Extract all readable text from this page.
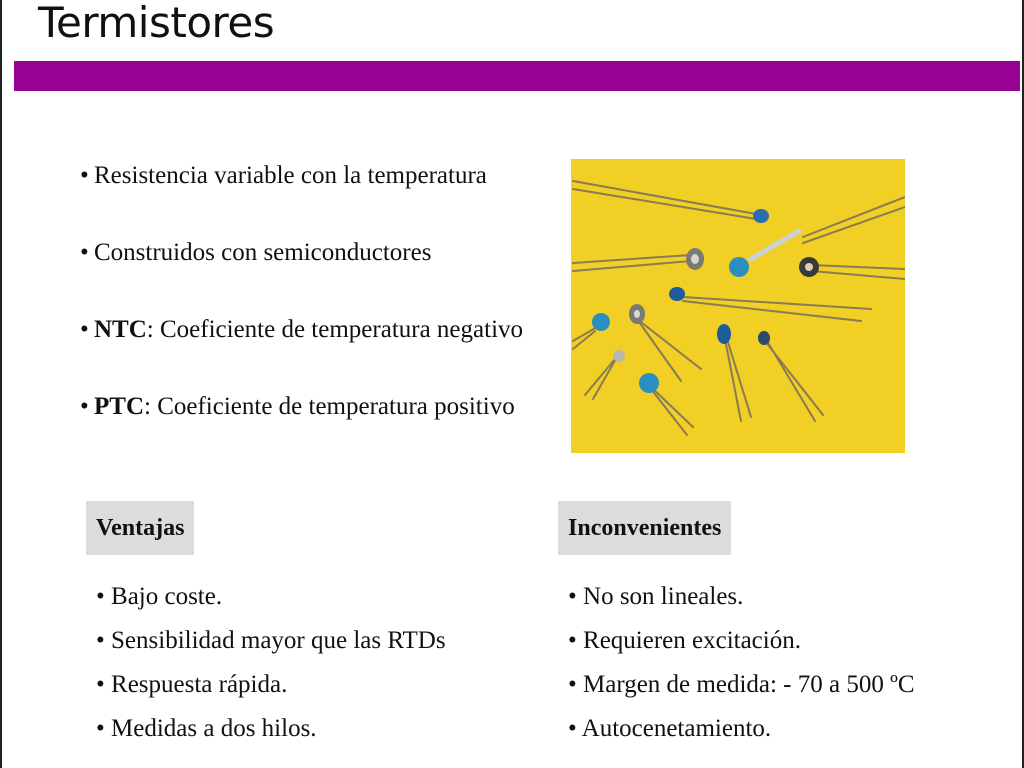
Termistores
• Resistencia variable con la temperatura
• Construidos con semiconductores
• NTC: Coeficiente de temperatura negativo
• PTC: Coeficiente de temperatura positivo
Ventajas
• Bajo coste.
• Sensibilidad mayor que las RTDs
• Respuesta rápida.
• Medidas a dos hilos.
Inconvenientes
• No son lineales.
• Requieren excitación.
• Margen de medida: - 70 a 500 ºC
• Autocenetamiento.
